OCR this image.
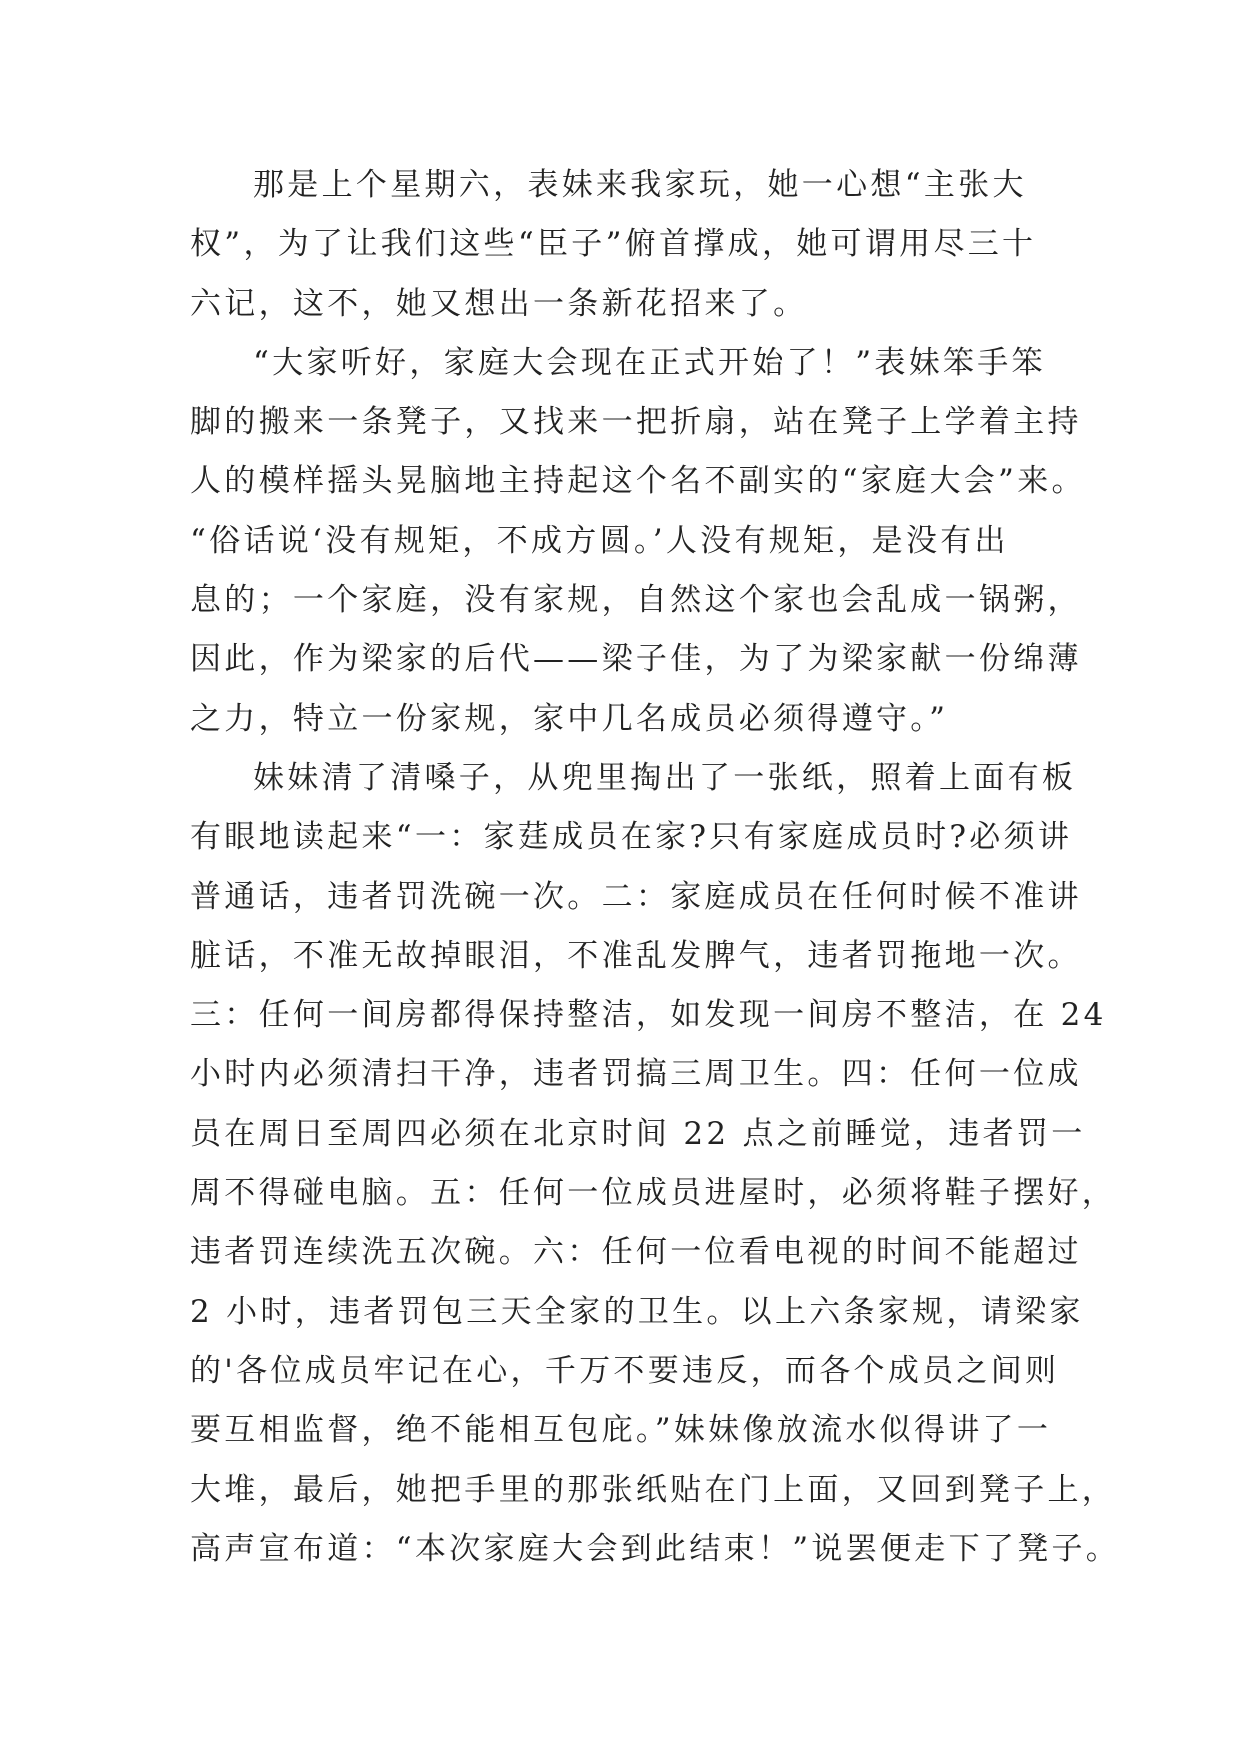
那是上个星期六，表妹来我家玩，她一心想“主张大
权”，为了让我们这些“臣子”俯首撑成，她可谓用尽三十
六记，这不，她又想出一条新花招来了。
“大家听好，家庭大会现在正式开始了！”表妹笨手笨
脚的搬来一条凳子，又找来一把折扇，站在凳子上学着主持
人的模样摇头晃脑地主持起这个名不副实的“家庭大会”来。
“俗话说‘没有规矩，不成方圆。’人没有规矩，是没有出
息的；一个家庭，没有家规，自然这个家也会乱成一锅粥，
因此，作为梁家的后代——梁子佳，为了为梁家献一份绵薄
之力，特立一份家规，家中几名成员必须得遵守。”
妹妹清了清嗓子，从兜里掏出了一张纸，照着上面有板
有眼地读起来“一：家莛成员在家?只有家庭成员时?必须讲
普通话，违者罚洗碗一次。二：家庭成员在任何时候不准讲
脏话，不准无故掉眼泪，不准乱发脾气，违者罚拖地一次。
三：任何一间房都得保持整洁，如发现一间房不整洁，在 24
小时内必须清扫干净，违者罚搞三周卫生。四：任何一位成
员在周日至周四必须在北京时间 22 点之前睡觉，违者罚一
周不得碰电脑。五：任何一位成员进屋时，必须将鞋子摆好，
违者罚连续洗五次碗。六：任何一位看电视的时间不能超过
2 小时，违者罚包三天全家的卫生。以上六条家规，请梁家
的'各位成员牢记在心，千万不要违反，而各个成员之间则
要互相监督，绝不能相互包庇。”妹妹像放流水似得讲了一
大堆，最后，她把手里的那张纸贴在门上面，又回到凳子上，
高声宣布道：“本次家庭大会到此结束！”说罢便走下了凳子。
